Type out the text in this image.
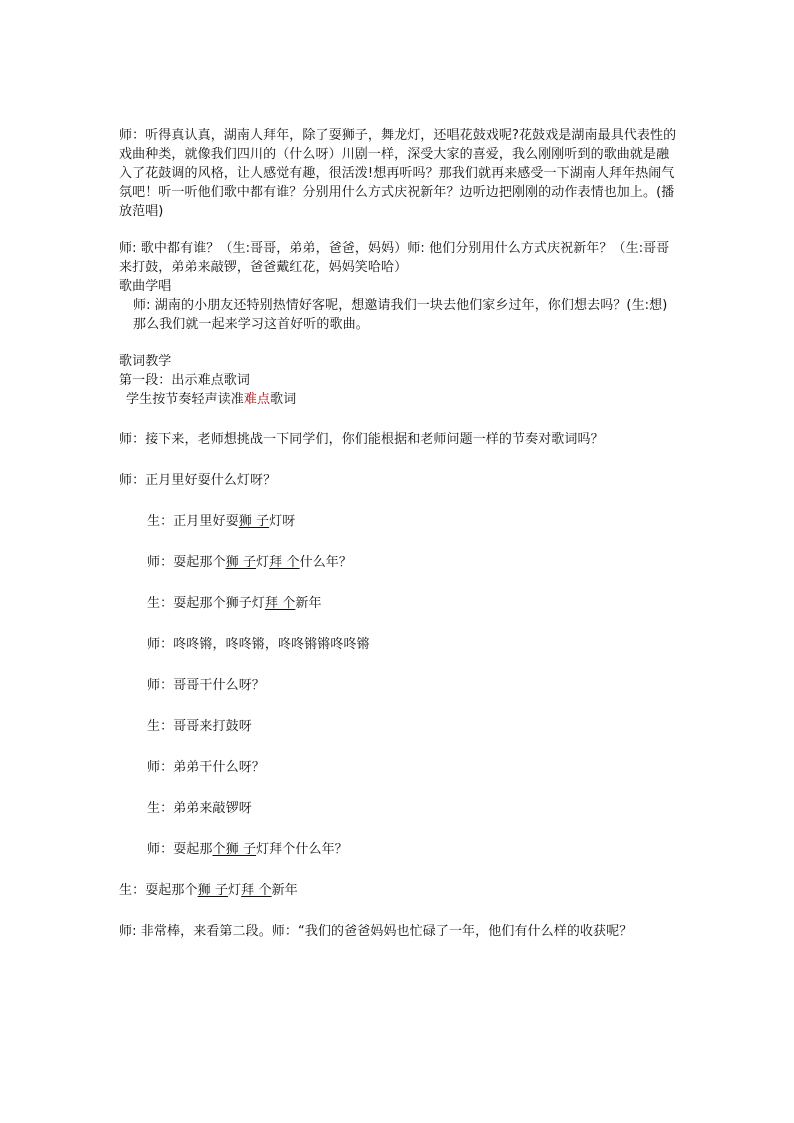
师：听得真认真，湖南人拜年，除了耍狮子，舞龙灯，还唱花鼓戏呢?花鼓戏是湖南最具代表性的戏曲种类，就像我们四川的（什么呀）川剧一样，深受大家的喜爱，我么刚刚听到的歌曲就是融入了花鼓调的风格，让人感觉有趣，很活泼!想再听吗？那我们就再来感受一下湖南人拜年热闹气氛吧！听一听他们歌中都有谁？分别用什么方式庆祝新年？边听边把刚刚的动作表情也加上。(播放范唱)

师: 歌中都有谁？（生:哥哥，弟弟，爸爸，妈妈）师: 他们分别用什么方式庆祝新年？（生:哥哥来打鼓，弟弟来敲锣，爸爸戴红花，妈妈笑哈哈）

歌曲学唱

师: 湖南的小朋友还特别热情好客呢，想邀请我们一块去他们家乡过年，你们想去吗？(生:想)那么我们就一起来学习这首好听的歌曲。

歌词教学

第一段：出示难点歌词

学生按节奏轻声读准难点歌词

师：接下来，老师想挑战一下同学们，你们能根据和老师问题一样的节奏对歌词吗？

师：正月里好耍什么灯呀？

生：正月里好耍狮 子灯呀

师：耍起那个狮 子灯拜 个什么年？

生：耍起那个狮子灯拜 个新年

师：咚咚锵，咚咚锵，咚咚锵锵咚咚锵

师：哥哥干什么呀？

生：哥哥来打鼓呀

师：弟弟干什么呀？

生：弟弟来敲锣呀

师：耍起那个狮 子灯拜个什么年？

生：耍起那个狮 子灯拜 个新年

师: 非常棒，来看第二段。师：“我们的爸爸妈妈也忙碌了一年，他们有什么样的收获呢？
